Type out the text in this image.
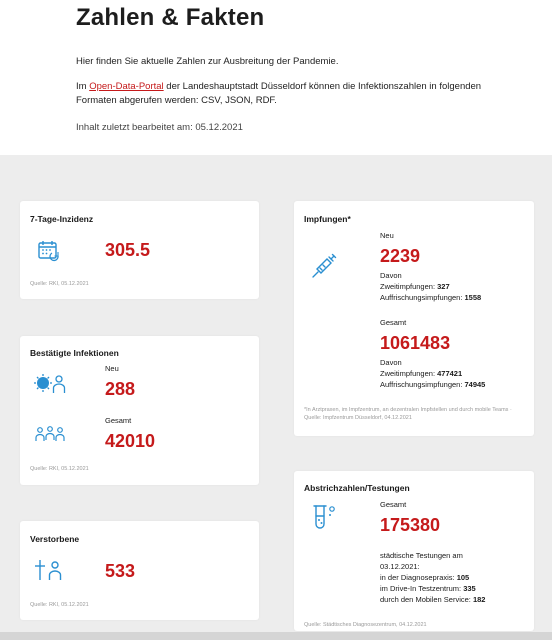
Zahlen & Fakten

Hier finden Sie aktuelle Zahlen zur Ausbreitung der Pandemie.

Im Open-Data-Portal der Landeshauptstadt Düsseldorf können die Infektionszahlen in folgenden Formaten abgerufen werden: CSV, JSON, RDF.

Inhalt zuletzt bearbeitet am: 05.12.2021

7-Tage-Inzidenz
305.5
Quelle: RKI, 05.12.2021
Bestätigte Infektionen
Neu
288
Gesamt
42010
Quelle: RKI, 05.12.2021
Verstorbene
533
Quelle: RKI, 05.12.2021
Impfungen*
Neu
2239
Davon
Zweitimpfungen: 327
Auffrischungsimpfungen: 1558
Gesamt
1061483
Davon
Zweitimpfungen: 477421
Auffrischungsimpfungen: 74945
*In Arztpraxen, im Impfzentrum, an dezentralen Impfstellen und durch mobile Teams · Quelle: Impfzentrum Düsseldorf, 04.12.2021
Abstrichzahlen/Testungen
Gesamt
175380
städtische Testungen am
03.12.2021:
in der Diagnosepraxis: 105
im Drive-In Testzentrum: 335
durch den Mobilen Service: 182
Quelle: Städtisches Diagnosezentrum, 04.12.2021
